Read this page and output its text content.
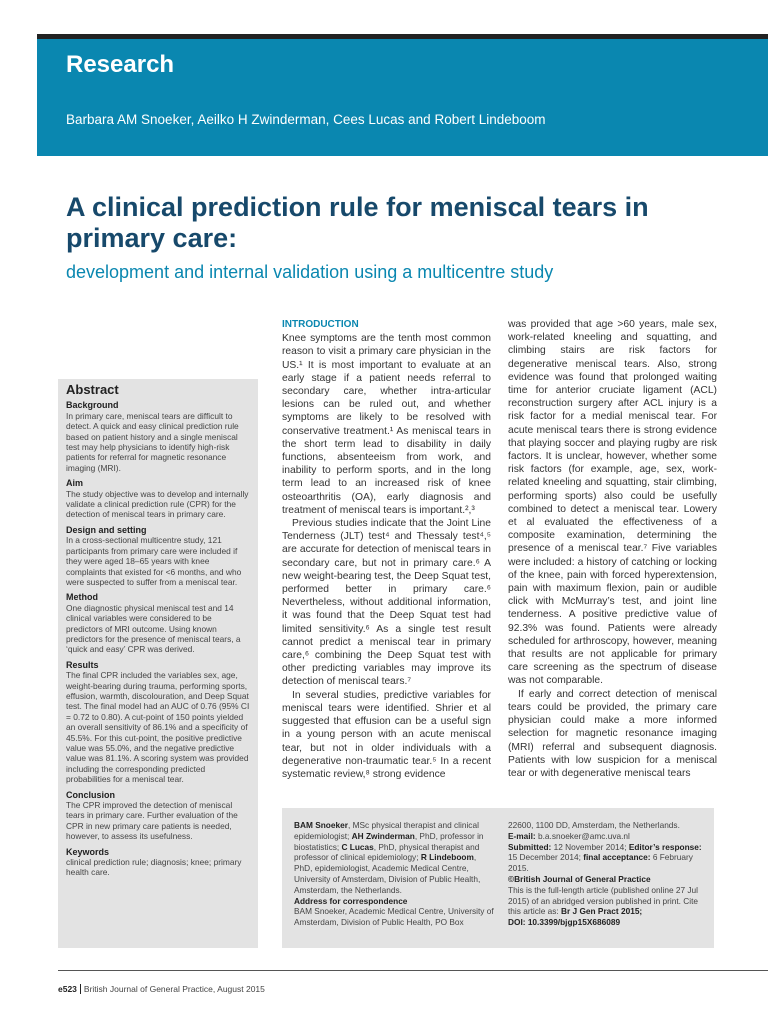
Research
Barbara AM Snoeker, Aeilko H Zwinderman, Cees Lucas and Robert Lindeboom
A clinical prediction rule for meniscal tears in primary care:
development and internal validation using a multicentre study
Abstract
Background
In primary care, meniscal tears are difficult to detect. A quick and easy clinical prediction rule based on patient history and a single meniscal test may help physicians to identify high-risk patients for referral for magnetic resonance imaging (MRI).
Aim
The study objective was to develop and internally validate a clinical prediction rule (CPR) for the detection of meniscal tears in primary care.
Design and setting
In a cross-sectional multicentre study, 121 participants from primary care were included if they were aged 18–65 years with knee complaints that existed for <6 months, and who were suspected to suffer from a meniscal tear.
Method
One diagnostic physical meniscal test and 14 clinical variables were considered to be predictors of MRI outcome. Using known predictors for the presence of meniscal tears, a ‘quick and easy’ CPR was derived.
Results
The final CPR included the variables sex, age, weight-bearing during trauma, performing sports, effusion, warmth, discolouration, and Deep Squat test. The final model had an AUC of 0.76 (95% CI = 0.72 to 0.80). A cut-point of 150 points yielded an overall sensitivity of 86.1% and a specificity of 45.5%. For this cut-point, the positive predictive value was 55.0%, and the negative predictive value was 81.1%. A scoring system was provided including the corresponding predicted probabilities for a meniscal tear.
Conclusion
The CPR improved the detection of meniscal tears in primary care. Further evaluation of the CPR in new primary care patients is needed, however, to assess its usefulness.
Keywords
clinical prediction rule; diagnosis; knee; primary health care.
INTRODUCTION

Knee symptoms are the tenth most common reason to visit a primary care physician in the US.¹ It is most important to evaluate at an early stage if a patient needs referral to secondary care, whether intra-articular lesions can be ruled out, and whether symptoms are likely to be resolved with conservative treatment.¹ As meniscal tears in the short term lead to disability in daily functions, absenteeism from work, and inability to perform sports, and in the long term lead to an increased risk of knee osteoarthritis (OA), early diagnosis and treatment of meniscal tears is important.²,³

Previous studies indicate that the Joint Line Tenderness (JLT) test⁴ and Thessaly test⁴,⁵ are accurate for detection of meniscal tears in secondary care, but not in primary care.⁶ A new weight-bearing test, the Deep Squat test, performed better in primary care.⁶ Nevertheless, without additional information, it was found that the Deep Squat test had limited sensitivity.⁶ As a single test result cannot predict a meniscal tear in primary care,⁶ combining the Deep Squat test with other predicting variables may improve its detection of meniscal tears.⁷

In several studies, predictive variables for meniscal tears were identified. Shrier et al suggested that effusion can be a useful sign in a young person with an acute meniscal tear, but not in older individuals with a degenerative non-traumatic tear.⁵ In a recent systematic review,⁸ strong evidence

was provided that age >60 years, male sex, work-related kneeling and squatting, and climbing stairs are risk factors for degenerative meniscal tears. Also, strong evidence was found that prolonged waiting time for anterior cruciate ligament (ACL) reconstruction surgery after ACL injury is a risk factor for a medial meniscal tear. For acute meniscal tears there is strong evidence that playing soccer and playing rugby are risk factors. It is unclear, however, whether some risk factors (for example, age, sex, work-related kneeling and squatting, stair climbing, performing sports) also could be usefully combined to detect a meniscal tear. Lowery et al evaluated the effectiveness of a composite examination, determining the presence of a meniscal tear.⁷ Five variables were included: a history of catching or locking of the knee, pain with forced hyperextension, pain with maximum flexion, pain or audible click with McMurray’s test, and joint line tenderness. A positive predictive value of 92.3% was found. Patients were already scheduled for arthroscopy, however, meaning that results are not applicable for primary care screening as the spectrum of disease was not comparable.

If early and correct detection of meniscal tears could be provided, the primary care physician could make a more informed selection for magnetic resonance imaging (MRI) referral and subsequent diagnosis. Patients with low suspicion for a meniscal tear or with degenerative meniscal tears

BAM Snoeker, MSc physical therapist and clinical epidemiologist; AH Zwinderman, PhD, professor in biostatistics; C Lucas, PhD, physical therapist and professor of clinical epidemiology; R Lindeboom, PhD, epidemiologist, Academic Medical Centre, University of Amsterdam, Division of Public Health, Amsterdam, the Netherlands.
Address for correspondence
BAM Snoeker, Academic Medical Centre, University of Amsterdam, Division of Public Health, PO Box
22600, 1100 DD, Amsterdam, the Netherlands.
E-mail: b.a.snoeker@amc.uva.nl
Submitted: 12 November 2014; Editor’s response: 15 December 2014; final acceptance: 6 February 2015.
©British Journal of General Practice
This is the full-length article (published online 27 Jul 2015) of an abridged version published in print. Cite this article as: Br J Gen Pract 2015;
DOI: 10.3399/bjgp15X686089
e523 British Journal of General Practice, August 2015
